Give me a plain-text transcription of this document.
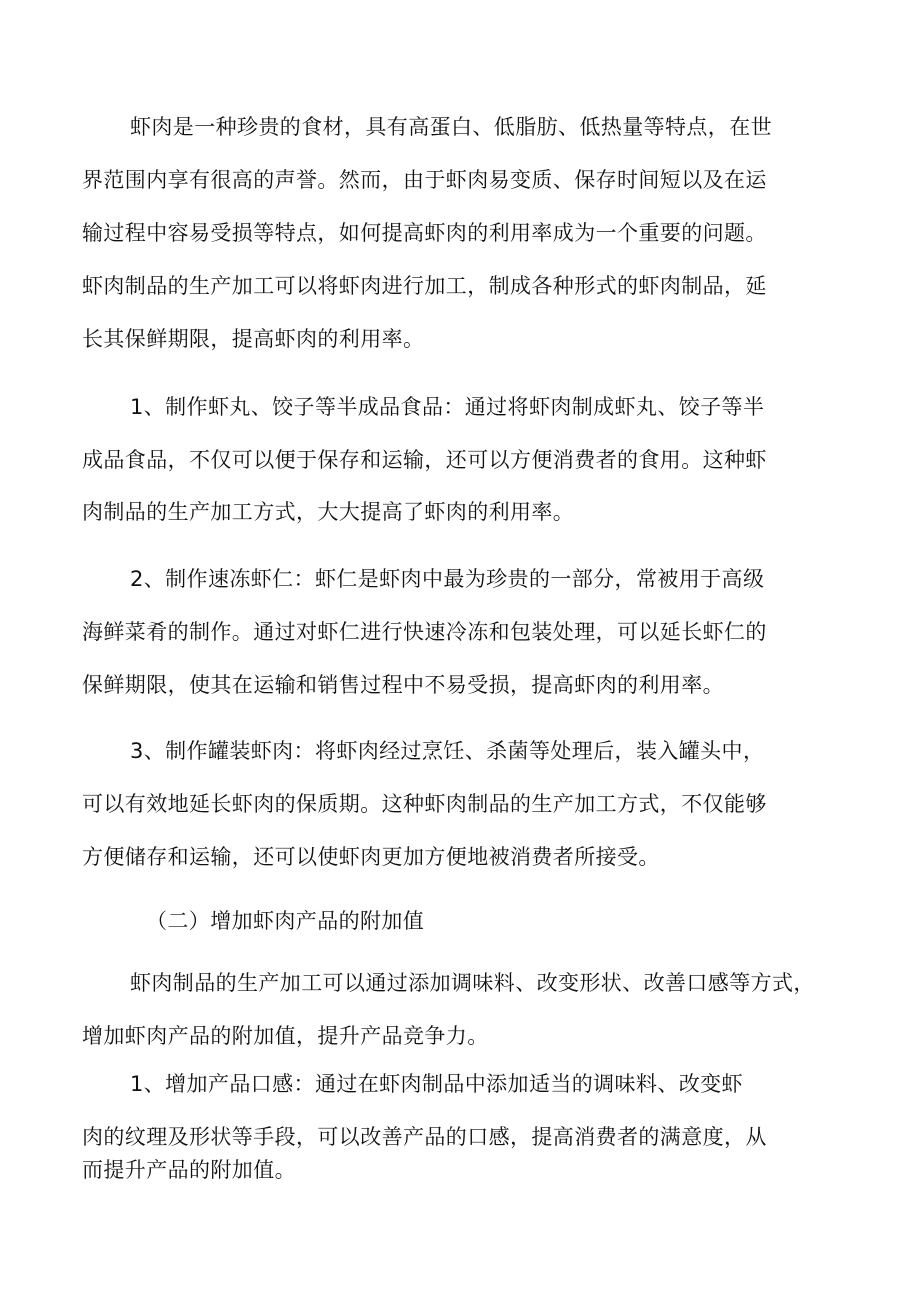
虾肉是一种珍贵的食材，具有高蛋白、低脂肪、低热量等特点，在世
界范围内享有很高的声誉。然而，由于虾肉易变质、保存时间短以及在运
输过程中容易受损等特点，如何提高虾肉的利用率成为一个重要的问题。
虾肉制品的生产加工可以将虾肉进行加工，制成各种形式的虾肉制品，延
长其保鲜期限，提高虾肉的利用率。
1、制作虾丸、饺子等半成品食品：通过将虾肉制成虾丸、饺子等半
成品食品，不仅可以便于保存和运输，还可以方便消费者的食用。这种虾
肉制品的生产加工方式，大大提高了虾肉的利用率。
2、制作速冻虾仁：虾仁是虾肉中最为珍贵的一部分，常被用于高级
海鲜菜肴的制作。通过对虾仁进行快速冷冻和包装处理，可以延长虾仁的
保鲜期限，使其在运输和销售过程中不易受损，提高虾肉的利用率。
3、制作罐装虾肉：将虾肉经过烹饪、杀菌等处理后，装入罐头中，
可以有效地延长虾肉的保质期。这种虾肉制品的生产加工方式，不仅能够
方便储存和运输，还可以使虾肉更加方便地被消费者所接受。
（二）增加虾肉产品的附加值
虾肉制品的生产加工可以通过添加调味料、改变形状、改善口感等方式，
增加虾肉产品的附加值，提升产品竞争力。
1、增加产品口感：通过在虾肉制品中添加适当的调味料、改变虾
肉的纹理及形状等手段，可以改善产品的口感，提高消费者的满意度，从
而提升产品的附加值。
